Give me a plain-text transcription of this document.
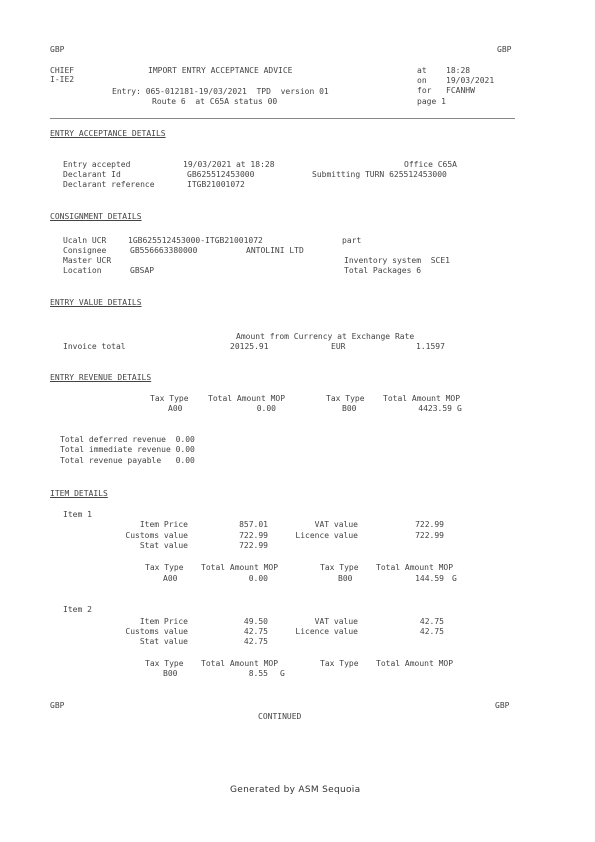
GBP	GBP
CHIEF
I-IE2
IMPORT ENTRY ACCEPTANCE ADVICE
Entry: 065-012181-19/03/2021  TPD  version 01
Route 6  at C65A status 00
at 18:28
on 19/03/2021
for FCANHW
page 1
ENTRY ACCEPTANCE DETAILS
Entry accepted	19/03/2021 at 18:28	Office C65A
Declarant Id	GB625512453000	Submitting TURN 625512453000
Declarant reference	ITGB21001072
CONSIGNMENT DETAILS
Ucaln UCR	1GB625512453000-ITGB21001072	part
Consignee	GB556663380000	ANTOLINI LTD
Master UCR	Inventory system  SCE1
Location	GBSAP	Total Packages 6
ENTRY VALUE DETAILS
Amount from Currency at Exchange Rate
Invoice total	20125.91	EUR	1.1597
ENTRY REVENUE DETAILS
Tax Type Total Amount MOP	Tax Type Total Amount MOP
A00	0.00	B00	4423.59 G
Total deferred revenue  0.00
Total immediate revenue 0.00
Total revenue payable   0.00
ITEM DETAILS
Item 1
Item Price	857.01	VAT value	722.99
Customs value	722.99	Licence value	722.99
Stat value	722.99
Tax Type Total Amount MOP	Tax Type Total Amount MOP
A00	0.00	B00	144.59 G
Item 2
Item Price	49.50	VAT value	42.75
Customs value	42.75	Licence value	42.75
Stat value	42.75
Tax Type Total Amount MOP	Tax Type Total Amount MOP
B00	8.55 G
GBP	GBP
CONTINUED
Generated by ASM Sequoia
